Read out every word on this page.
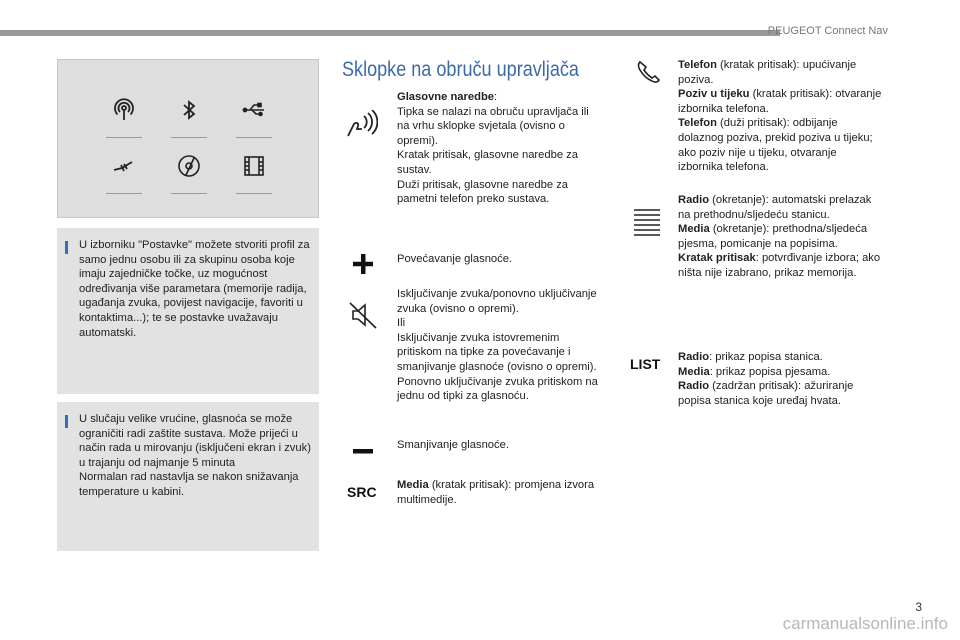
PEUGEOT Connect Nav

U izborniku "Postavke" možete stvoriti profil za samo jednu osobu ili za skupinu osoba koje imaju zajedničke točke, uz mogućnost određivanja više parametara (memorije radija, ugađanja zvuka, povijest navigacije, favoriti u kontaktima...); te se postavke uvažavaju automatski.

U slučaju velike vrućine, glasnoća se može ograničiti radi zaštite sustava. Može prijeći u način rada u mirovanju (isključeni ekran i zvuk) u trajanju od najmanje 5 minuta
Normalan rad nastavlja se nakon snižavanja temperature u kabini.

Sklopke na obruču upravljača
Glasovne naredbe:
Tipka se nalazi na obruču upravljača ili na vrhu sklopke svjetala (ovisno o opremi).
Kratak pritisak, glasovne naredbe za sustav.
Duži pritisak, glasovne naredbe za pametni telefon preko sustava.
Povećavanje glasnoće.
Isključivanje zvuka/ponovno uključivanje zvuka (ovisno o opremi).
Ili
Isključivanje zvuka istovremenim pritiskom na tipke za povećavanje i smanjivanje glasnoće (ovisno o opremi).
Ponovno uključivanje zvuka pritiskom na jednu od tipki za glasnoću.
Smanjivanje glasnoće.
SRC Media (kratak pritisak): promjena izvora multimedije.
Telefon (kratak pritisak): upućivanje poziva.
Poziv u tijeku (kratak pritisak): otvaranje izbornika telefona.
Telefon (duži pritisak): odbijanje dolaznog poziva, prekid poziva u tijeku; ako poziv nije u tijeku, otvaranje izbornika telefona.
Radio (okretanje): automatski prelazak na prethodnu/sljedeću stanicu.
Media (okretanje): prethodna/sljedeća pjesma, pomicanje na popisima.
Kratak pritisak: potvrđivanje izbora; ako ništa nije izabrano, prikaz memorija.
LIST Radio: prikaz popisa stanica.
Media: prikaz popisa pjesama.
Radio (zadržan pritisak): ažuriranje popisa stanica koje uređaj hvata.
3
carmanualsonline.info
